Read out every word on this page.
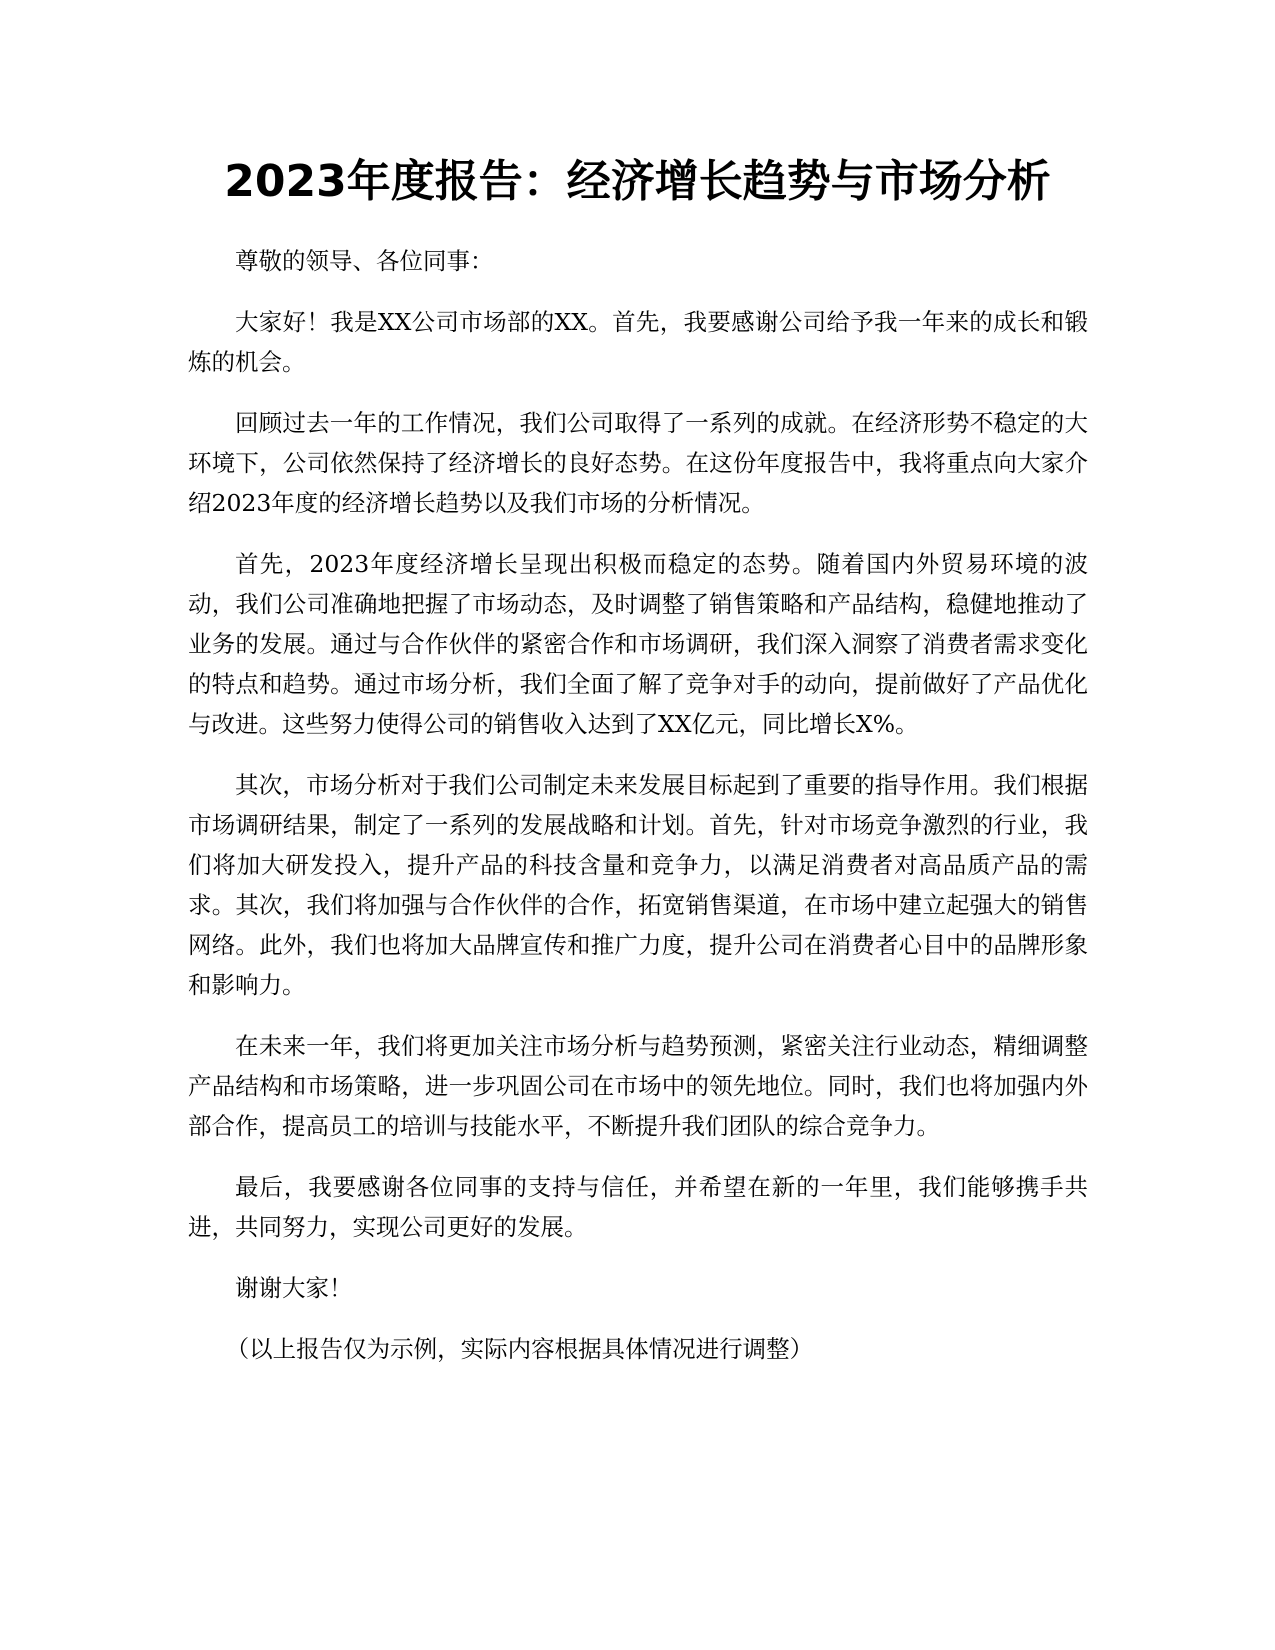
2023年度报告：经济增长趋势与市场分析

尊敬的领导、各位同事：

大家好！我是XX公司市场部的XX。首先，我要感谢公司给予我一年来的成长和锻炼的机会。

回顾过去一年的工作情况，我们公司取得了一系列的成就。在经济形势不稳定的大环境下，公司依然保持了经济增长的良好态势。在这份年度报告中，我将重点向大家介绍2023年度的经济增长趋势以及我们市场的分析情况。

首先，2023年度经济增长呈现出积极而稳定的态势。随着国内外贸易环境的波动，我们公司准确地把握了市场动态，及时调整了销售策略和产品结构，稳健地推动了业务的发展。通过与合作伙伴的紧密合作和市场调研，我们深入洞察了消费者需求变化的特点和趋势。通过市场分析，我们全面了解了竞争对手的动向，提前做好了产品优化与改进。这些努力使得公司的销售收入达到了XX亿元，同比增长X%。

其次，市场分析对于我们公司制定未来发展目标起到了重要的指导作用。我们根据市场调研结果，制定了一系列的发展战略和计划。首先，针对市场竞争激烈的行业，我们将加大研发投入，提升产品的科技含量和竞争力，以满足消费者对高品质产品的需求。其次，我们将加强与合作伙伴的合作，拓宽销售渠道，在市场中建立起强大的销售网络。此外，我们也将加大品牌宣传和推广力度，提升公司在消费者心目中的品牌形象和影响力。

在未来一年，我们将更加关注市场分析与趋势预测，紧密关注行业动态，精细调整产品结构和市场策略，进一步巩固公司在市场中的领先地位。同时，我们也将加强内外部合作，提高员工的培训与技能水平，不断提升我们团队的综合竞争力。

最后，我要感谢各位同事的支持与信任，并希望在新的一年里，我们能够携手共进，共同努力，实现公司更好的发展。

谢谢大家！

（以上报告仅为示例，实际内容根据具体情况进行调整）
